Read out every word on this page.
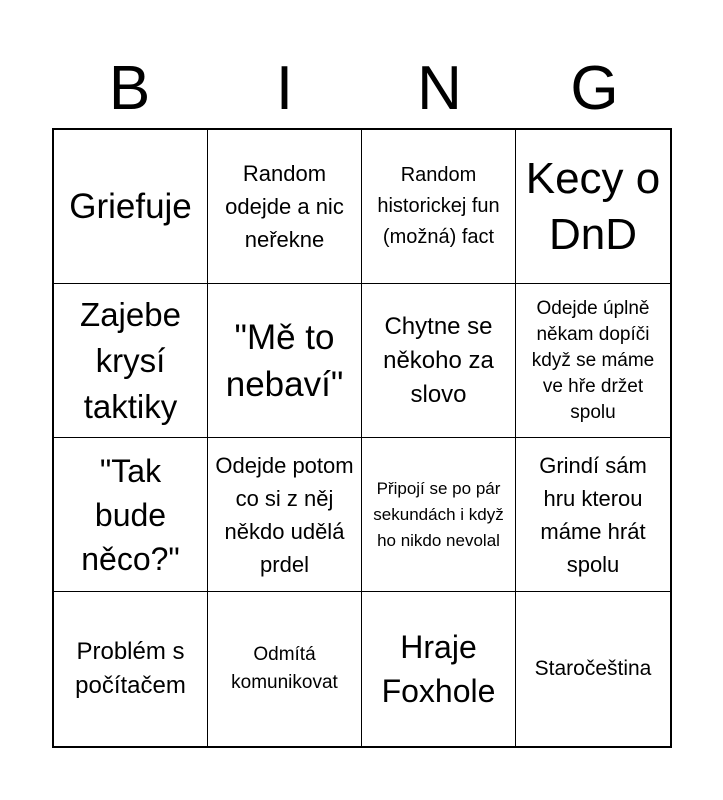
B	I	N	G
Griefuje
Random odejde a nic neřekne
Random historickej fun (možná) fact
Kecy o DnD
Zajebe krysí taktiky
"Mě to nebaví"
Chytne se někoho za slovo
Odejde úplně někam dopíči když se máme ve hře držet spolu
"Tak bude něco?"
Odejde potom co si z něj někdo udělá prdel
Připojí se po pár sekundách i když ho nikdo nevolal
Grindí sám hru kterou máme hrát spolu
Problém s počítačem
Odmítá komunikovat
Hraje Foxhole
Staročeština
